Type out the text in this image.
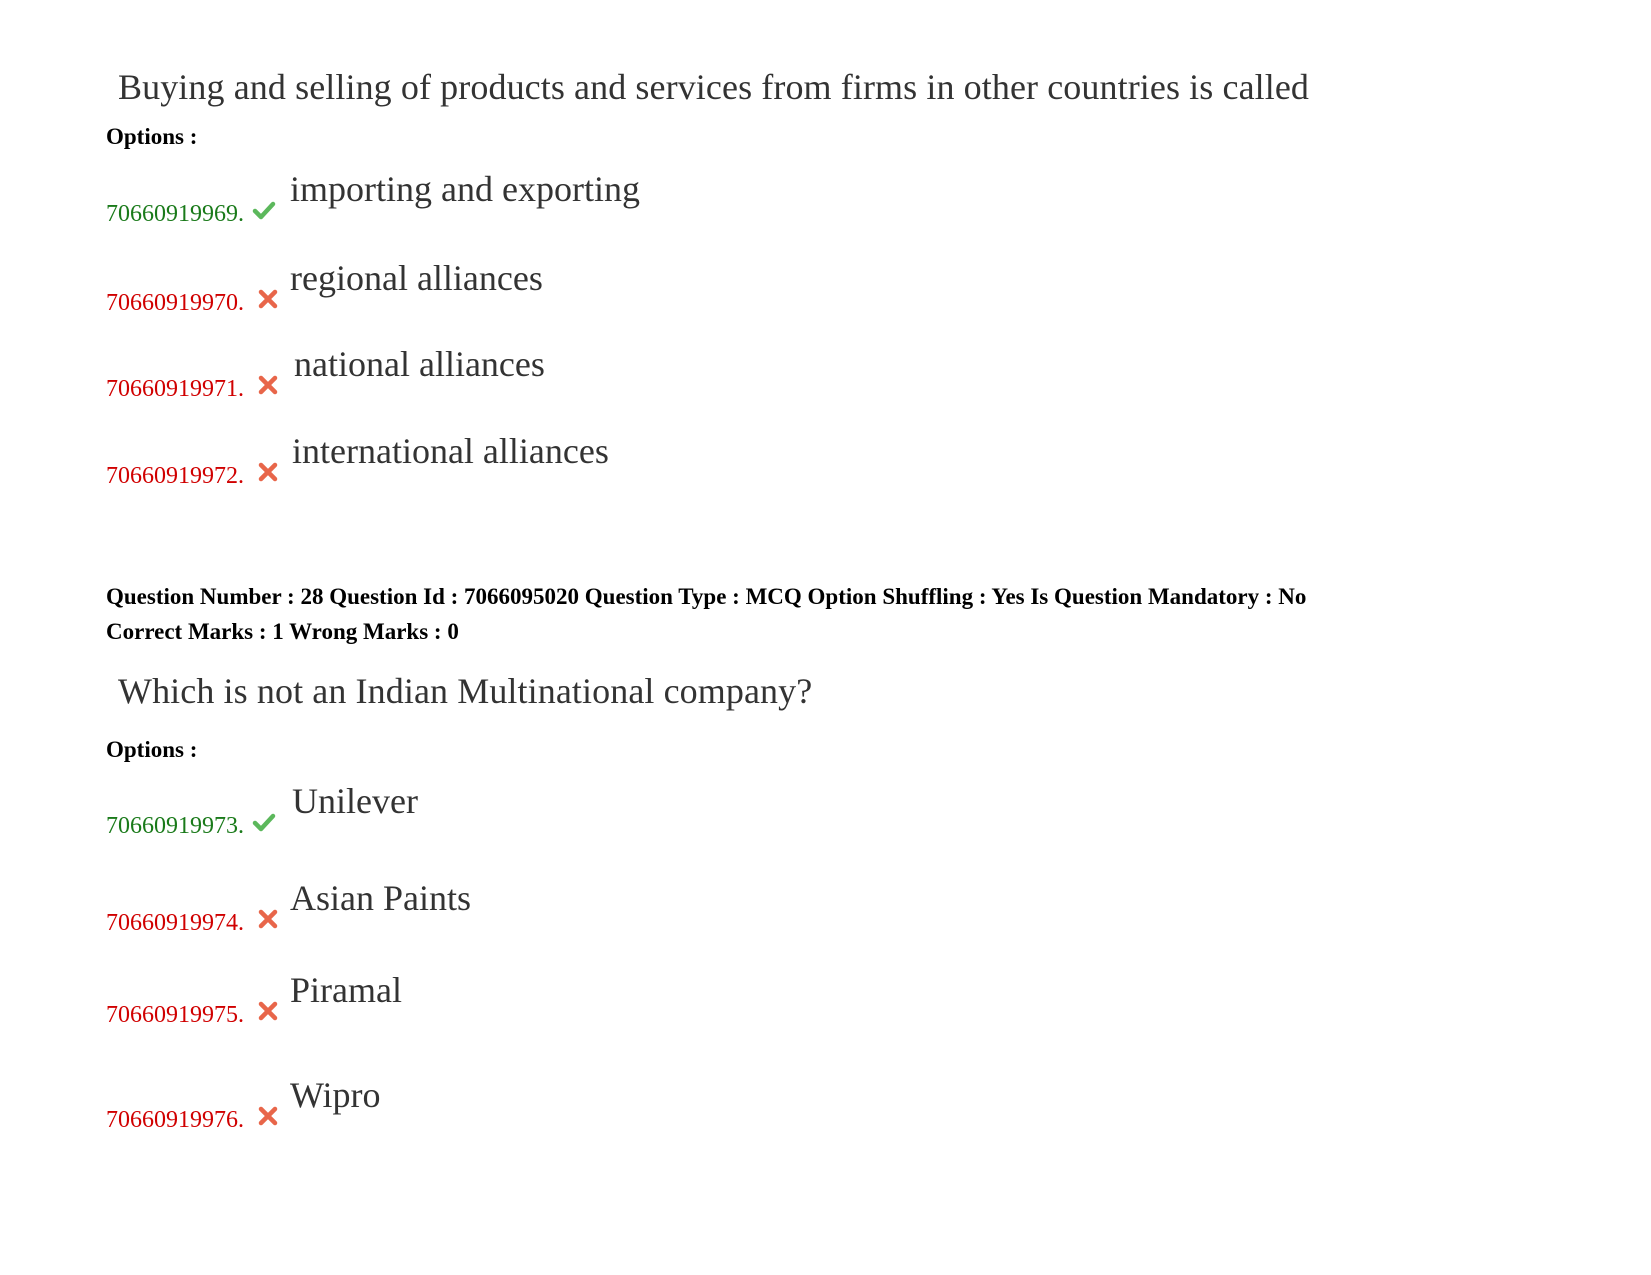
Buying and selling of products and services from firms in other countries is called
Options :
70660919969.
importing and exporting
70660919970.
regional alliances
70660919971.
national alliances
70660919972.
international alliances
Question Number : 28 Question Id : 7066095020 Question Type : MCQ Option Shuffling : Yes Is Question Mandatory : No
Correct Marks : 1 Wrong Marks : 0
Which is not an Indian Multinational company?
Options :
70660919973.
Unilever
70660919974.
Asian Paints
70660919975.
Piramal
70660919976.
Wipro
